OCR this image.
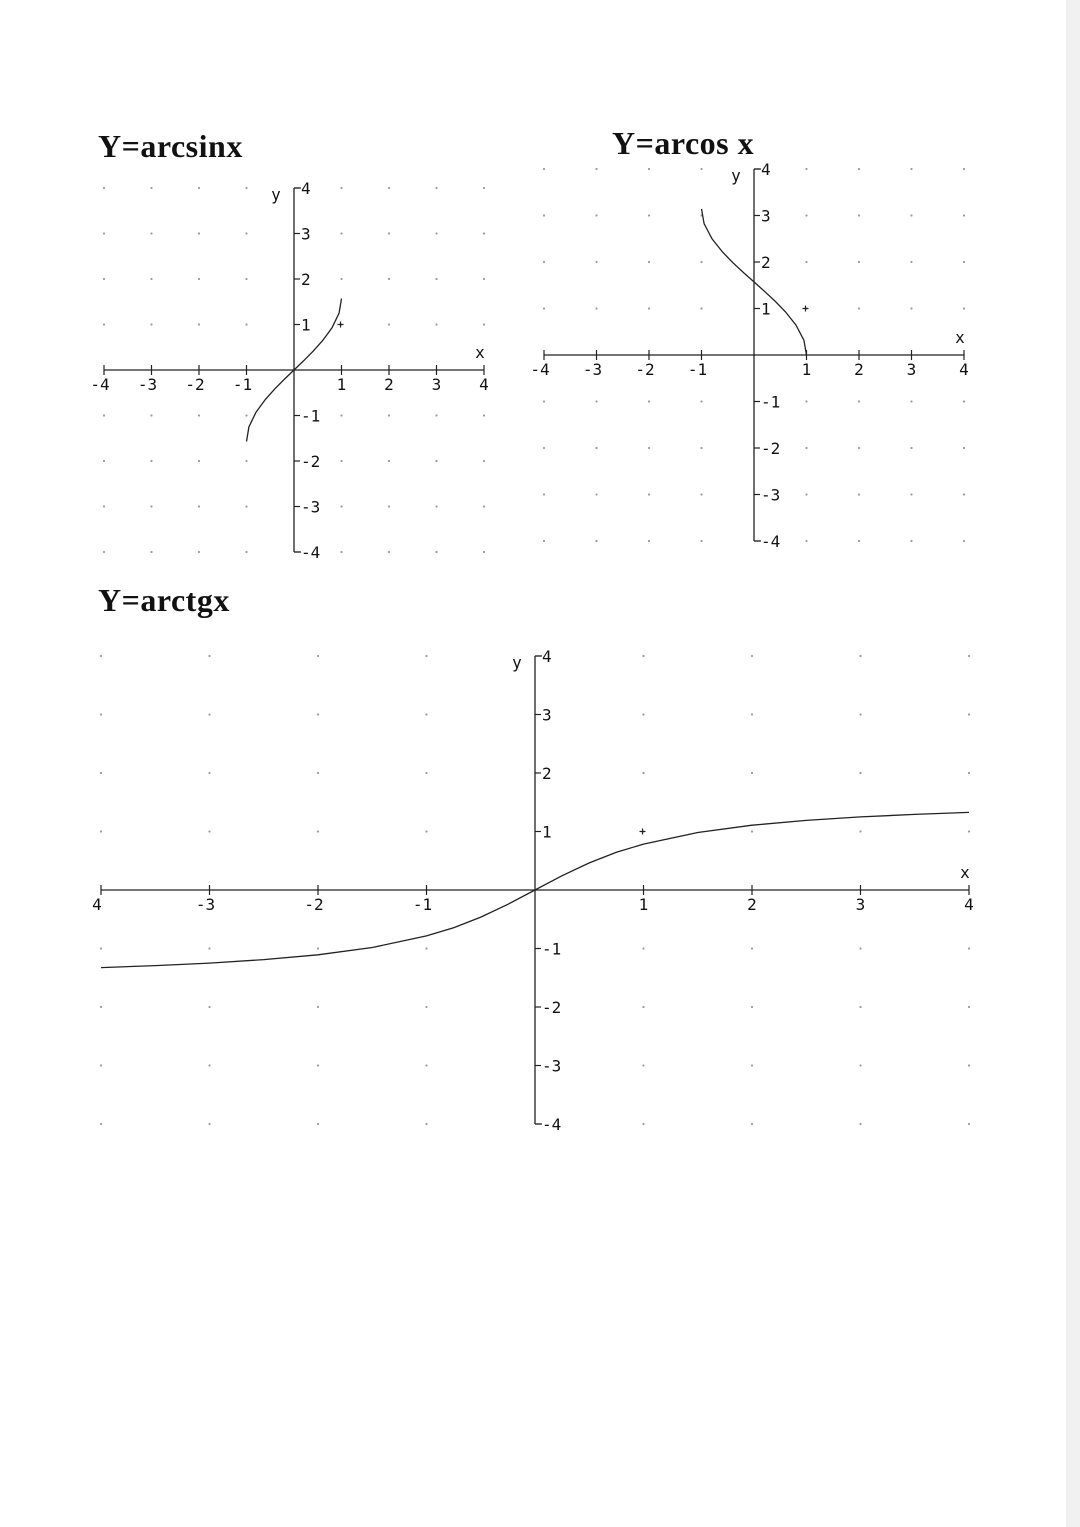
Y=arcsinx	Y=arcos x
Y=arctgx
-4 -3 -2 -1	1 2 3 4
4
3
2
1
-1
-2
-3
-4
x
y
-4 -3 -2 -1	1	2	3	4
4
3
2
1
-1
-2
-3
-4
x
y
4	-3	-2	-1	1	2	3	4
4
3
2
1
-1
-2
-3
-4
x
y
